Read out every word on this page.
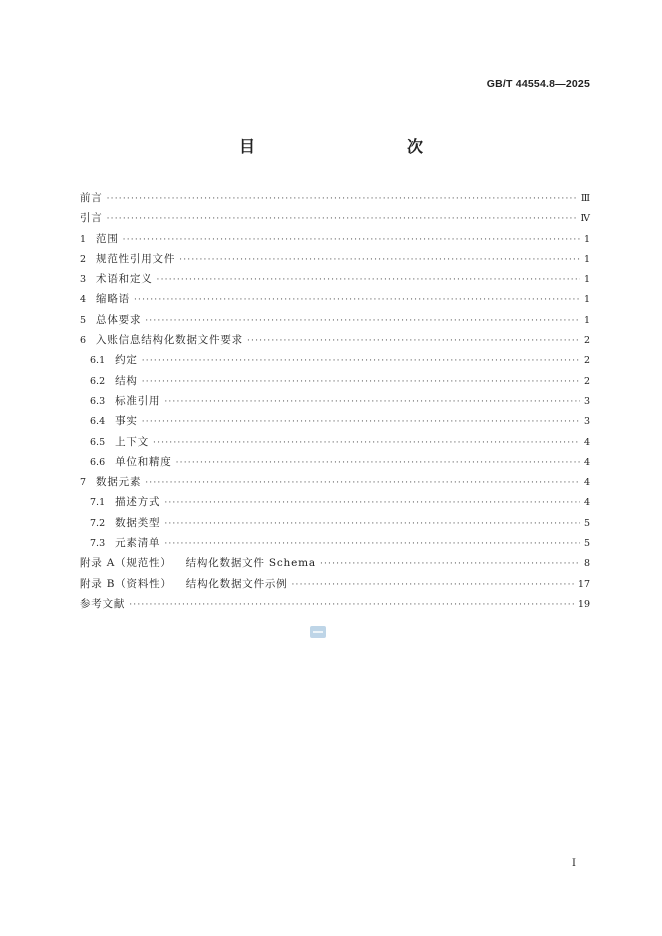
GB/T 44554.8—2025
目　　次
前言 ·····	Ⅲ
引言 ·····	Ⅳ
1 范围 ·····	1
2 规范性引用文件 ·····	1
3 术语和定义 ·····	1
4 缩略语 ·····	1
5 总体要求 ·····	1
6 入账信息结构化数据文件要求 ·····	2
6.1 约定 ·····	2
6.2 结构 ·····	2
6.3 标准引用 ·····	3
6.4 事实 ·····	3
6.5 上下文 ·····	4
6.6 单位和精度 ·····	4
7 数据元素 ·····	4
7.1 描述方式 ·····	4
7.2 数据类型 ·····	5
7.3 元素清单 ·····	5
附录 A（规范性） 结构化数据文件 Schema ·····	8
附录 B（资料性） 结构化数据文件示例 ·····	17
参考文献 ·····	19
I
